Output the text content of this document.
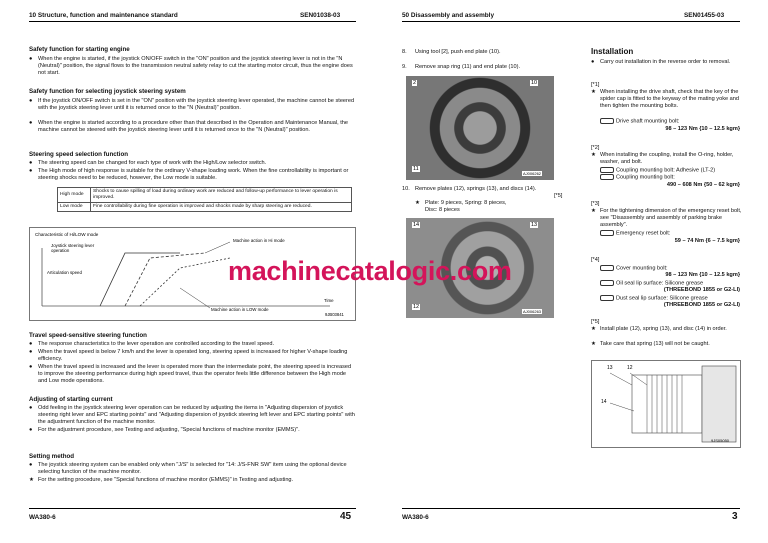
10 Structure, function and maintenance standard	SEN01038-03
Safety function for starting engine
● When the engine is started, if the joystick ON/OFF switch in the "ON" position and the joystick steering lever is not in the "N (Neutral)" position, the signal flows to the transmission neutral safety relay to cut the starting motor circuit, thus the engine does not start.
Safety function for selecting joystick steering system
● If the joystick ON/OFF switch is set in the "ON" position with the joystick steering lever operated, the machine cannot be steered with the joystick steering lever until it is returned once to the "N (Neutral)" position.
● When the engine is started according to a procedure other than that described in the Operation and Maintenance Manual, the machine cannot be steered with the joystick steering lever until it is returned once to the "N (Neutral)" position.
Steering speed selection function
● The steering speed can be changed for each type of work with the High/Low selector switch.
● The High mode of high response is suitable for the ordinary V-shape loading work. When the fine controllability is important or steering shocks need to be reduced, however, the Low mode is suitable.
High mode	Shocks to cause spilling of load during ordinary work are reduced and follow-up performance to lever operation is improved.
Low mode	Fine controllability during fine operation is improved and shocks made by sharp steering are reduced.
Characteristic of Hi/LOW mode
Joystick steering lever operation
Articulation speed
Machine action in Hi mode
Machine action in LOW mode
Time
9JB03841
Travel speed-sensitive steering function
● The response characteristics to the lever operation are controlled according to the travel speed.
● When the travel speed is below 7 km/h and the lever is operated long, steering speed is increased for higher V-shape loading efficiency.
● When the travel speed is increased and the lever is operated more than the intermediate point, the steering speed is increased to improve the steering performance during high speed travel, thus the operator feels little difference between the High mode and Low mode operations.
Adjusting of starting current
● Odd feeling in the joystick steering lever operation can be reduced by adjusting the items in "Adjusting dispersion of joystick steering right lever and EPC starting points" and "Adjusting dispersion of joystick steering left lever and EPC starting points" with the adjustment function of the machine monitor.
● For the adjustment procedure, see Testing and adjusting, "Special functions of machine monitor (EMMS)".
Setting method
● The joystick steering system can be enabled only when "J/S" is selected for "14: J/S-FNR SW" item using the optional device selecting function of the machine monitor.
★ For the setting procedure, see "Special functions of machine monitor (EMMS)" in Testing and adjusting.
WA380-6	45
50 Disassembly and assembly	SEN01455-03
8. Using tool [2], push end plate (10).
9. Remove snap ring (11) and end plate (10).
2	10
11
AJ006262
10. Remove plates (12), springs (13), and discs (14).
[*5]
★ Plate: 9 pieces, Spring: 8 pieces,
Disc: 8 pieces
14	13
12
AJ006263
Installation
● Carry out installation in the reverse order to removal.
[*1]
★ When installing the drive shaft, check that the key of the spider cap is fitted to the keyway of the mating yoke and then tighten the mounting bolts.
Drive shaft mounting bolt:
98 – 123 Nm {10 – 12.5 kgm}
[*2]
★ When installing the coupling, install the O-ring, holder, washer, and bolt.
Coupling mounting bolt: Adhesive (LT-2)
Coupling mounting bolt:
490 – 608 Nm {50 – 62 kgm}
[*3]
★ For the tightening dimension of the emergency reset bolt, see "Disassembly and assembly of parking brake assembly".
Emergency reset bolt:
59 – 74 Nm {6 – 7.5 kgm}
[*4]
Cover mounting bolt:
98 – 123 Nm {10 – 12.5 kgm}
Oil seal lip surface: Silicone grease
(THREEBOND 1855 or G2-LI)
Dust seal lip surface: Silicone grease
(THREEBOND 1855 or G2-LI)
[*5]
★ Install plate (12), spring (13), and disc (14) in order.
★ Take care that spring (13) will not be caught.
13	12
14
9JS05050
WA380-6	3
machinecatalogic.com
